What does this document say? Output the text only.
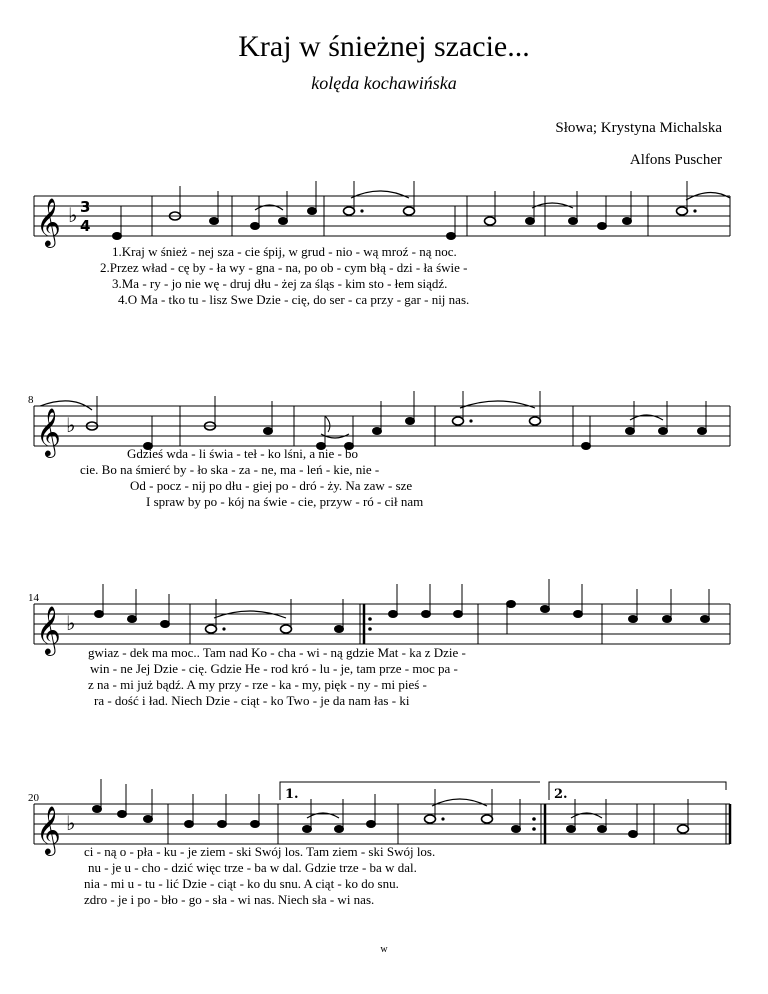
Kraj w śnieżnej szacie...
kolęda kochawińska
Słowa; Krystyna Michalska
Alfons Puscher
𝄞 ♭ 3
4
1.Kraj w śnież - nej sza - cie śpij, w grud - nio - wą mroź - ną noc.
2.Przez wład - cę by - ła wy - gna - na, po ob - cym błą - dzi - ła świe -
3.Ma - ry - jo nie wę - druj dłu - żej za śląs - kim sto - łem siądź.
4.O Ma - tko tu - lisz Swe Dzie - cię, do ser - ca przy - gar - nij nas.
8
𝄞 ♭
Gdzieś wda - li świa - teł - ko lśni, a nie - bo
cie. Bo na śmierć by - ło ska - za - ne, ma - leń - kie, nie -
Od - pocz - nij po dłu - giej po - dró - ży. Na zaw - sze
I spraw by po - kój na świe - cie, przyw - ró - cił nam
14
𝄞 ♭
gwiaz - dek ma moc.. Tam nad Ko - cha - wi - ną gdzie Mat - ka z Dzie -
win - ne Jej Dzie - cię. Gdzie He - rod kró - lu - je, tam prze - moc pa -
z na - mi już bądź. A my przy - rze - ka - my, pięk - ny - mi pieś -
ra - dość i ład. Niech Dzie - ciąt - ko Two - je da nam łas - ki
20	1.	2.
𝄞 ♭
ci - ną o - pła - ku - je ziem - ski Swój los. Tam ziem - ski Swój los.
nu - je u - cho - dzić więc trze - ba w dal. Gdzie trze - ba w dal.
nia - mi u - tu - lić Dzie - ciąt - ko du snu. A ciąt - ko do snu.
zdro - je i po - bło - go - sła - wi nas. Niech sła - wi nas.
w
